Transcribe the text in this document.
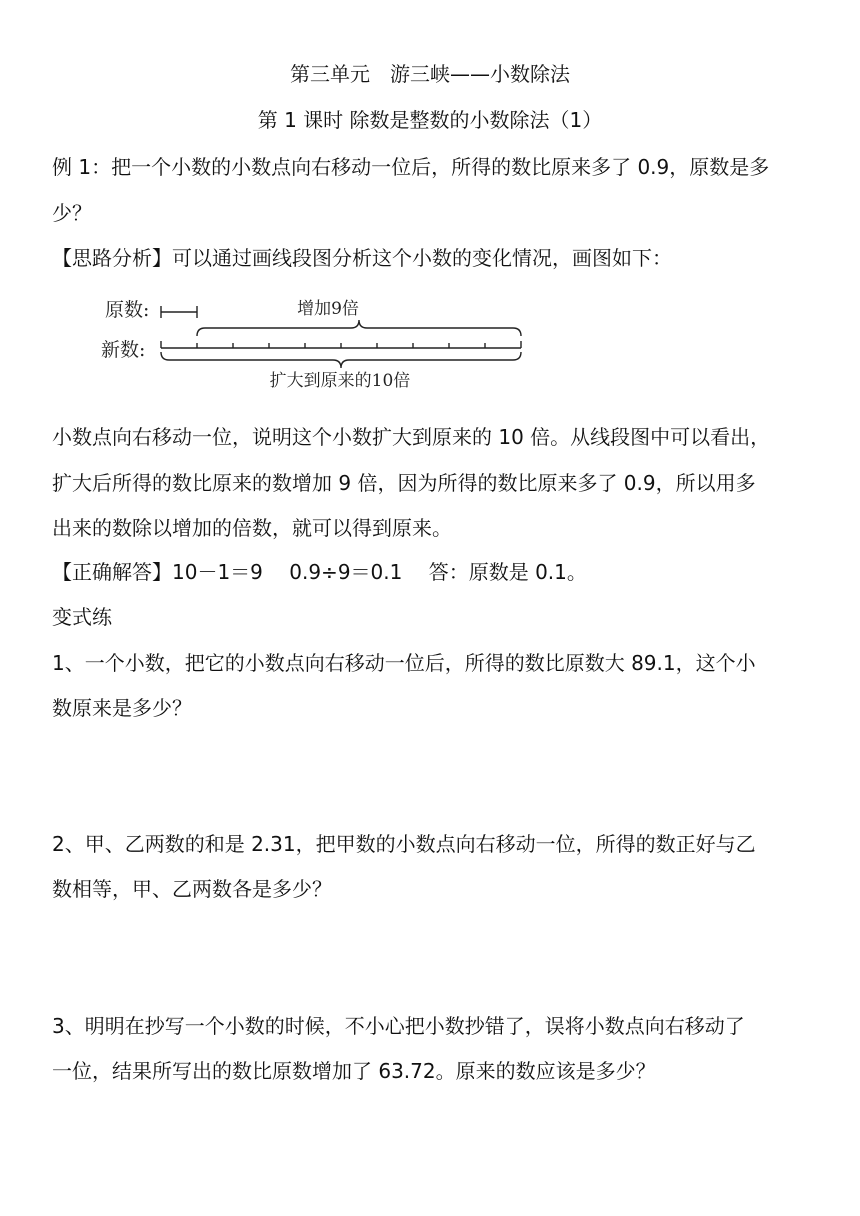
第三单元　游三峡——小数除法
第 1 课时 除数是整数的小数除法（1）
例 1：把一个小数的小数点向右移动一位后，所得的数比原来多了 0.9，原数是多
少？
【思路分析】可以通过画线段图分析这个小数的变化情况，画图如下：
原数:
新数:
增加9倍
扩大到原来的10倍
小数点向右移动一位，说明这个小数扩大到原来的 10 倍。从线段图中可以看出，
扩大后所得的数比原来的数增加 9 倍，因为所得的数比原来多了 0.9，所以用多
出来的数除以增加的倍数，就可以得到原来。
【正确解答】10－1＝9　 0.9÷9＝0.1　 答：原数是 0.1。
变式练
1、一个小数，把它的小数点向右移动一位后，所得的数比原数大 89.1，这个小
数原来是多少？
2、甲、乙两数的和是 2.31，把甲数的小数点向右移动一位，所得的数正好与乙
数相等，甲、乙两数各是多少？
3、明明在抄写一个小数的时候，不小心把小数抄错了，误将小数点向右移动了
一位，结果所写出的数比原数增加了 63.72。原来的数应该是多少？
